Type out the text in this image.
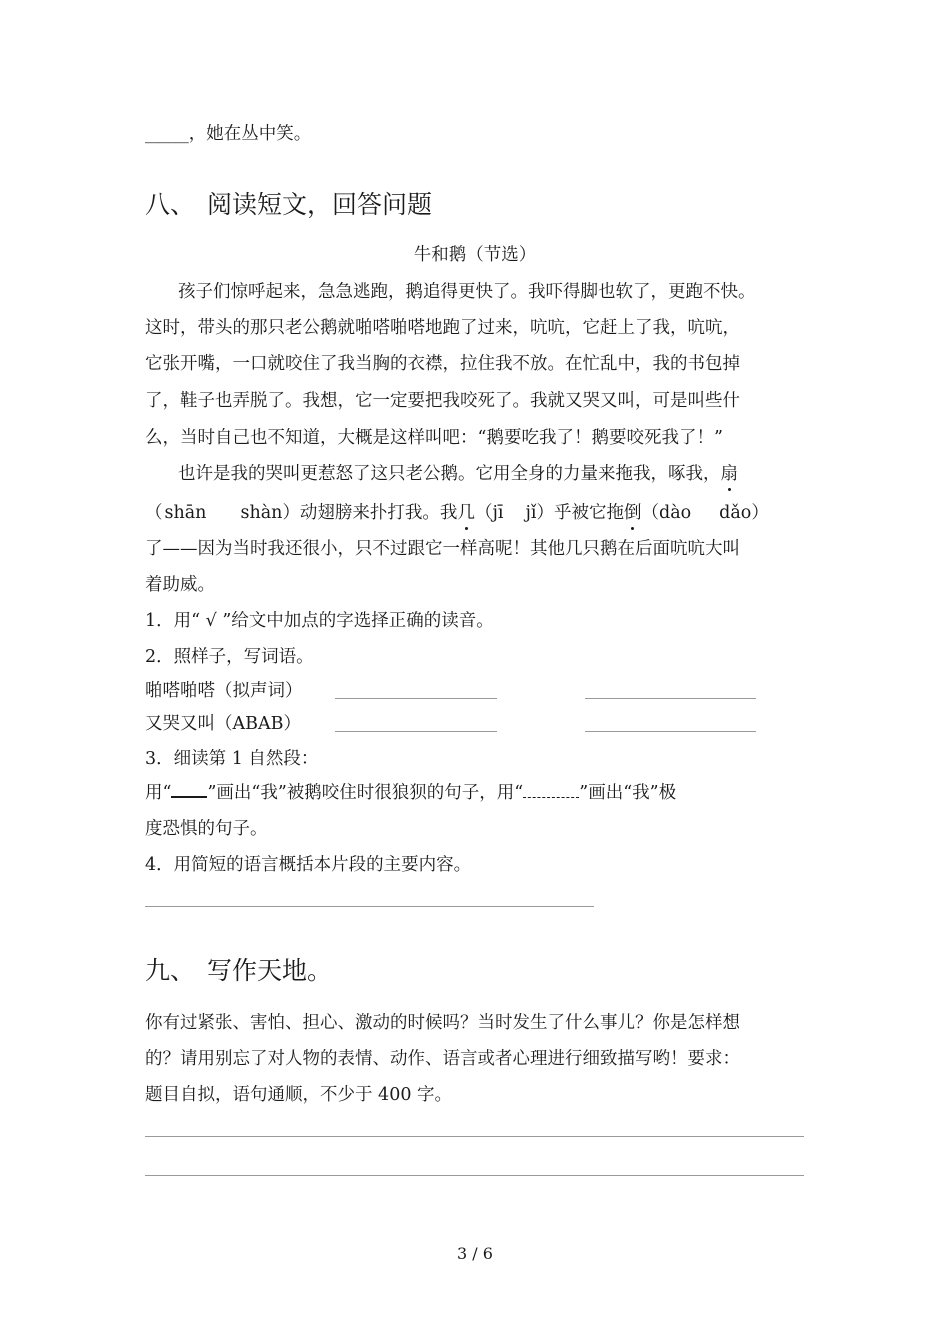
_____，她在丛中笑。
八、 阅读短文，回答问题
牛和鹅（节选）
孩子们惊呼起来，急急逃跑，鹅追得更快了。我吓得脚也软了，更跑不快。
这时，带头的那只老公鹅就啪嗒啪嗒地跑了过来，吭吭，它赶上了我，吭吭，
它张开嘴，一口就咬住了我当胸的衣襟，拉住我不放。在忙乱中，我的书包掉
了，鞋子也弄脱了。我想，它一定要把我咬死了。我就又哭又叫，可是叫些什
么，当时自己也不知道，大概是这样叫吧：“鹅要吃我了！鹅要咬死我了！”
也许是我的哭叫更惹怒了这只老公鹅。它用全身的力量来拖我，啄我，扇
（ shān shàn）动翅膀来扑打我。我几（jī jǐ）乎被它拖倒（dào dǎo）
了——因为当时我还很小，只不过跟它一样高呢！其他几只鹅在后面吭吭大叫
着助威。
1．用“ √ ”给文中加点的字选择正确的读音。
2．照样子，写词语。
啪嗒啪嗒（拟声词）
又哭又叫（ABAB）
3．细读第 1 自然段：
用“ ”画出“我”被鹅咬住时很狼狈的句子，用“	”画出“我”极
度恐惧的句子。
4．用简短的语言概括本片段的主要内容。
九、 写作天地。
你有过紧张、害怕、担心、激动的时候吗？当时发生了什么事儿？你是怎样想
的？请用别忘了对人物的表情、动作、语言或者心理进行细致描写哟！要求：
题目自拟，语句通顺，不少于 400 字。
3 / 6
